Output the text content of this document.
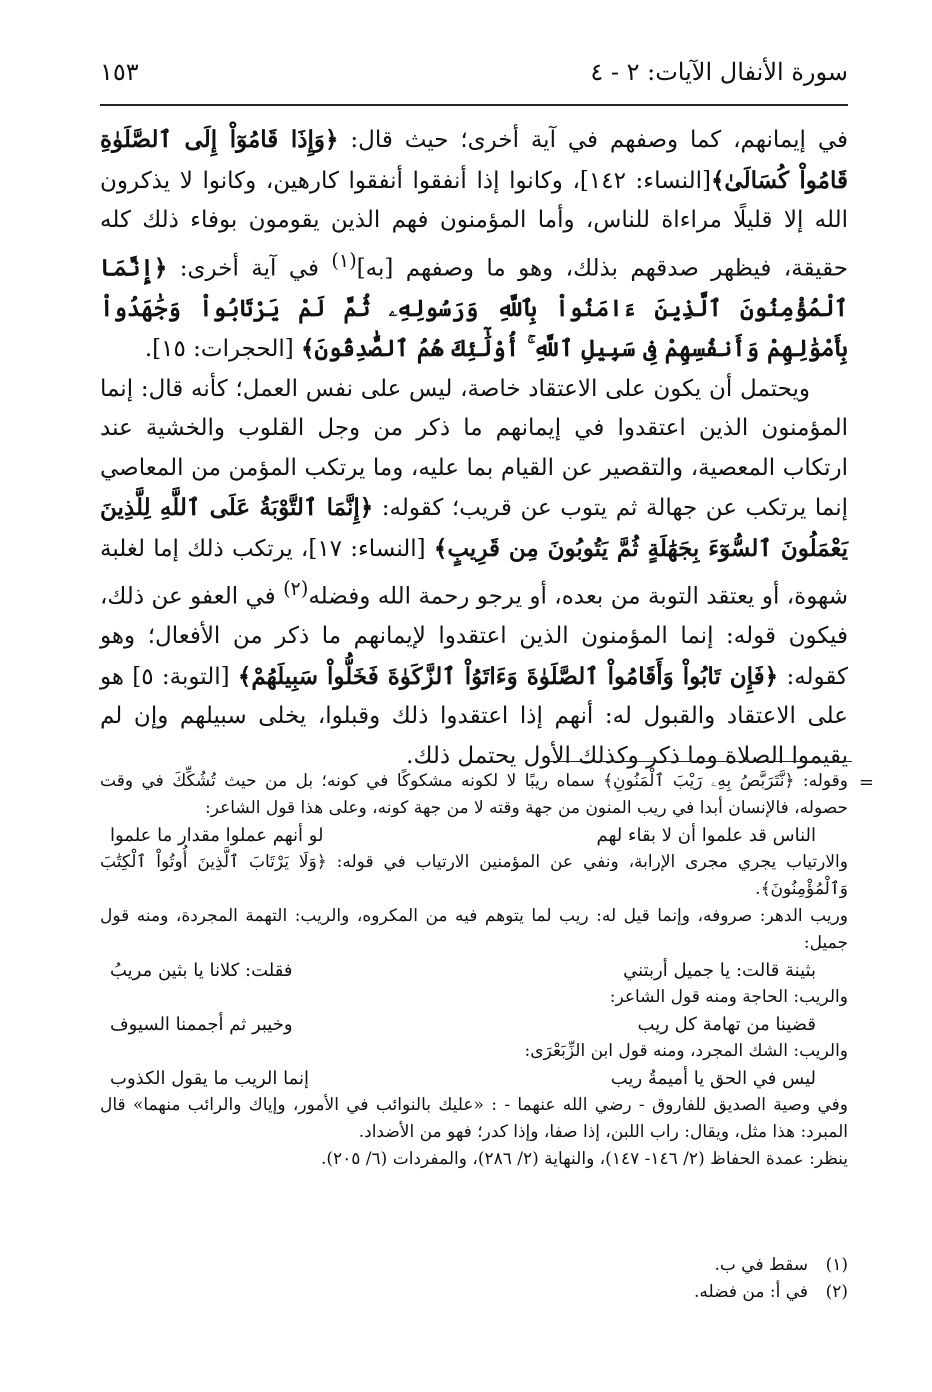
سورة الأنفال الآيات: ٢ - ٤
١٥٣

في إيمانهم، كما وصفهم في آية أخرى؛ حيث قال: ﴿وَإِذَا قَامُوٓاْ إِلَى ٱلصَّلَوٰةِ قَامُواْ كُسَالَىٰ﴾[النساء: ١٤٢]، وكانوا إذا أنفقوا أنفقوا كارهين، وكانوا لا يذكرون الله إلا قليلًا مراءاة للناس، وأما المؤمنون فهم الذين يقومون بوفاء ذلك كله حقيقة، فيظهر صدقهم بذلك، وهو ما وصفهم [به]$^{(١)}$ في آية أخرى: ﴿إِنَّمَا ٱلْمُؤْمِنُونَ ٱلَّذِينَ ءَامَنُواْ بِٱللَّهِ وَرَسُولِهِۦ ثُمَّ لَمْ يَرْتَابُواْ وَجَٰهَدُواْ بِأَمْوَٰلِهِمْ وَأَنفُسِهِمْ فِى سَبِيلِ ٱللَّهِ ۚ أُوْلَٰٓئِكَ هُمُ ٱلصَّٰدِقُونَ﴾ [الحجرات: ١٥].

ويحتمل أن يكون على الاعتقاد خاصة، ليس على نفس العمل؛ كأنه قال: إنما المؤمنون الذين اعتقدوا في إيمانهم ما ذكر من وجل القلوب والخشية عند ارتكاب المعصية، والتقصير عن القيام بما عليه، وما يرتكب المؤمن من المعاصي إنما يرتكب عن جهالة ثم يتوب عن قريب؛ كقوله: ﴿إِنَّمَا ٱلتَّوْبَةُ عَلَى ٱللَّهِ لِلَّذِينَ يَعْمَلُونَ ٱلسُّوٓءَ بِجَهَٰلَةٍ ثُمَّ يَتُوبُونَ مِن قَرِيبٍ﴾ [النساء: ١٧]، يرتكب ذلك إما لغلبة شهوة، أو يعتقد التوبة من بعده، أو يرجو رحمة الله وفضله$^{(٢)}$ في العفو عن ذلك، فيكون قوله: إنما المؤمنون الذين اعتقدوا لإيمانهم ما ذكر من الأفعال؛ وهو كقوله: ﴿فَإِن تَابُواْ وَأَقَامُواْ ٱلصَّلَوٰةَ وَءَاتَوُاْ ٱلزَّكَوٰةَ فَخَلُّواْ سَبِيلَهُمْ﴾ [التوبة: ٥] هو على الاعتقاد والقبول له: أنهم إذا اعتقدوا ذلك وقبلوا، يخلى سبيلهم وإن لم يقيموا الصلاة وما ذكر وكذلك الأول يحتمل ذلك.

=

وقوله: ﴿نَّتَرَبَّصُ بِهِۦ رَيْبَ ٱلْمَنُونِ﴾ سماه ريبًا لا لكونه مشكوكًا في كونه؛ بل من حيث تُشُكِّكَ في وقت حصوله، فالإنسان أبدا في ريب المنون من جهة وقته لا من جهة كونه، وعلى هذا قول الشاعر:

الناس قد علموا أن لا بقاء لهم
لو أنهم عملوا مقدار ما علموا

والارتياب يجري مجرى الإرابة، ونفي عن المؤمنين الارتياب في قوله: ﴿وَلَا يَرْتَابَ ٱلَّذِينَ أُوتُواْ ٱلْكِتَٰبَ وَٱلْمُؤْمِنُونَ﴾.

وريب الدهر: صروفه، وإنما قيل له: ريب لما يتوهم فيه من المكروه، والريب: التهمة المجردة، ومنه قول جميل:

بثينة قالت: يا جميل أربتني
فقلت: كلانا يا بثين مريبُ

والريب: الحاجة ومنه قول الشاعر:

قضينا من تهامة كل ريب
وخيبر ثم أجممنا السيوف

والريب: الشك المجرد، ومنه قول ابن الزِّبَعْرَى:

ليس في الحق يا أميمةُ ريب
إنما الريب ما يقول الكذوب

وفي وصية الصديق للفاروق - رضي الله عنهما - : «عليك بالنوائب في الأمور، وإياك والرائب منهما» قال المبرد: هذا مثل، ويقال: راب اللبن، إذا صفا، وإذا كدر؛ فهو من الأضداد.

ينظر: عمدة الحفاظ (٢/ ١٤٦- ١٤٧)، والنهاية (٢/ ٢٨٦)، والمفردات (٦/ ٢٠٥).

(١)
سقط في ب.
(٢)
في أ: من فضله.
